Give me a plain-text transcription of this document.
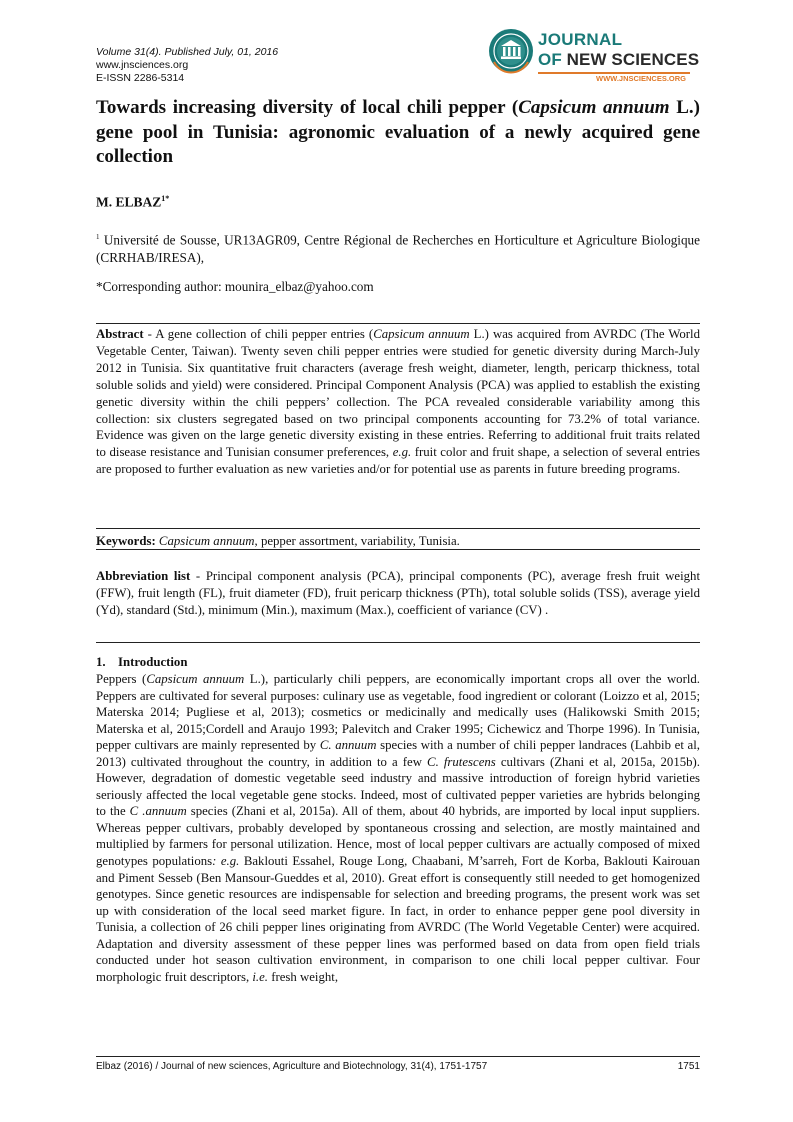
Volume 31(4). Published July, 01, 2016
www.jnsciences.org
E-ISSN 2286-5314
JOURNAL
OF NEW SCIENCES
WWW.JNSCIENCES.ORG
Towards increasing diversity of local chili pepper (Capsicum annuum L.) gene pool in Tunisia: agronomic evaluation of a newly acquired gene collection
M. $ELBAZ^{1*}$
$^1$ Université de Sousse, UR13AGR09, Centre Régional de Recherches en Horticulture et Agriculture Biologique (CRRHAB/IRESA),
*Corresponding author: mounira_elbaz@yahoo.com
Abstract - A gene collection of chili pepper entries (Capsicum annuum L.) was acquired from AVRDC (The World Vegetable Center, Taiwan). Twenty seven chili pepper entries were studied for genetic diversity during March-July 2012 in Tunisia. Six quantitative fruit characters (average fresh weight, diameter, length, pericarp thickness, total soluble solids and yield) were considered. Principal Component Analysis (PCA) was applied to establish the existing genetic diversity within the chili peppers’ collection. The PCA revealed considerable variability among this collection: six clusters segregated based on two principal components accounting for 73.2% of total variance. Evidence was given on the large genetic diversity existing in these entries. Referring to additional fruit traits related to disease resistance and Tunisian consumer preferences, e.g. fruit color and fruit shape, a selection of several entries are proposed to further evaluation as new varieties and/or for potential use as parents in future breeding programs.
Keywords: Capsicum annuum, pepper assortment, variability, Tunisia.
Abbreviation list - Principal component analysis (PCA), principal components (PC), average fresh fruit weight (FFW), fruit length (FL), fruit diameter (FD), fruit pericarp thickness (PTh), total soluble solids (TSS), average yield (Yd), standard (Std.), minimum (Min.), maximum (Max.), coefficient of variance (CV) .
1. Introduction
Peppers (Capsicum annuum L.), particularly chili peppers, are economically important crops all over the world. Peppers are cultivated for several purposes: culinary use as vegetable, food ingredient or colorant (Loizzo et al, 2015; Materska 2014; Pugliese et al, 2013); cosmetics or medicinally and medically uses (Halikowski Smith 2015; Materska et al, 2015;Cordell and Araujo 1993; Palevitch and Craker 1995; Cichewicz and Thorpe 1996). In Tunisia, pepper cultivars are mainly represented by C. annuum species with a number of chili pepper landraces (Lahbib et al, 2013) cultivated throughout the country, in addition to a few C. frutescens cultivars (Zhani et al, 2015a, 2015b). However, degradation of domestic vegetable seed industry and massive introduction of foreign hybrid varieties seriously affected the local vegetable gene stocks. Indeed, most of cultivated pepper varieties are hybrids belonging to the C .annuum species (Zhani et al, 2015a). All of them, about 40 hybrids, are imported by local input suppliers. Whereas pepper cultivars, probably developed by spontaneous crossing and selection, are mostly maintained and multiplied by farmers for personal utilization. Hence, most of local pepper cultivars are actually composed of mixed genotypes populations: e.g. Baklouti Essahel, Rouge Long, Chaabani, M’sarreh, Fort de Korba, Baklouti Kairouan and Piment Sesseb (Ben Mansour-Gueddes et al, 2010). Great effort is consequently still needed to get homogenized genotypes. Since genetic resources are indispensable for selection and breeding programs, the present work was set up with consideration of the local seed market figure. In fact, in order to enhance pepper gene pool diversity in Tunisia, a collection of 26 chili pepper lines originating from AVRDC (The World Vegetable Center) were acquired. Adaptation and diversity assessment of these pepper lines was performed based on data from open field trials conducted under hot season cultivation environment, in comparison to one chili local pepper cultivar. Four morphologic fruit descriptors, i.e. fresh weight,
Elbaz (2016) / Journal of new sciences, Agriculture and Biotechnology, 31(4), 1751-1757	1751
